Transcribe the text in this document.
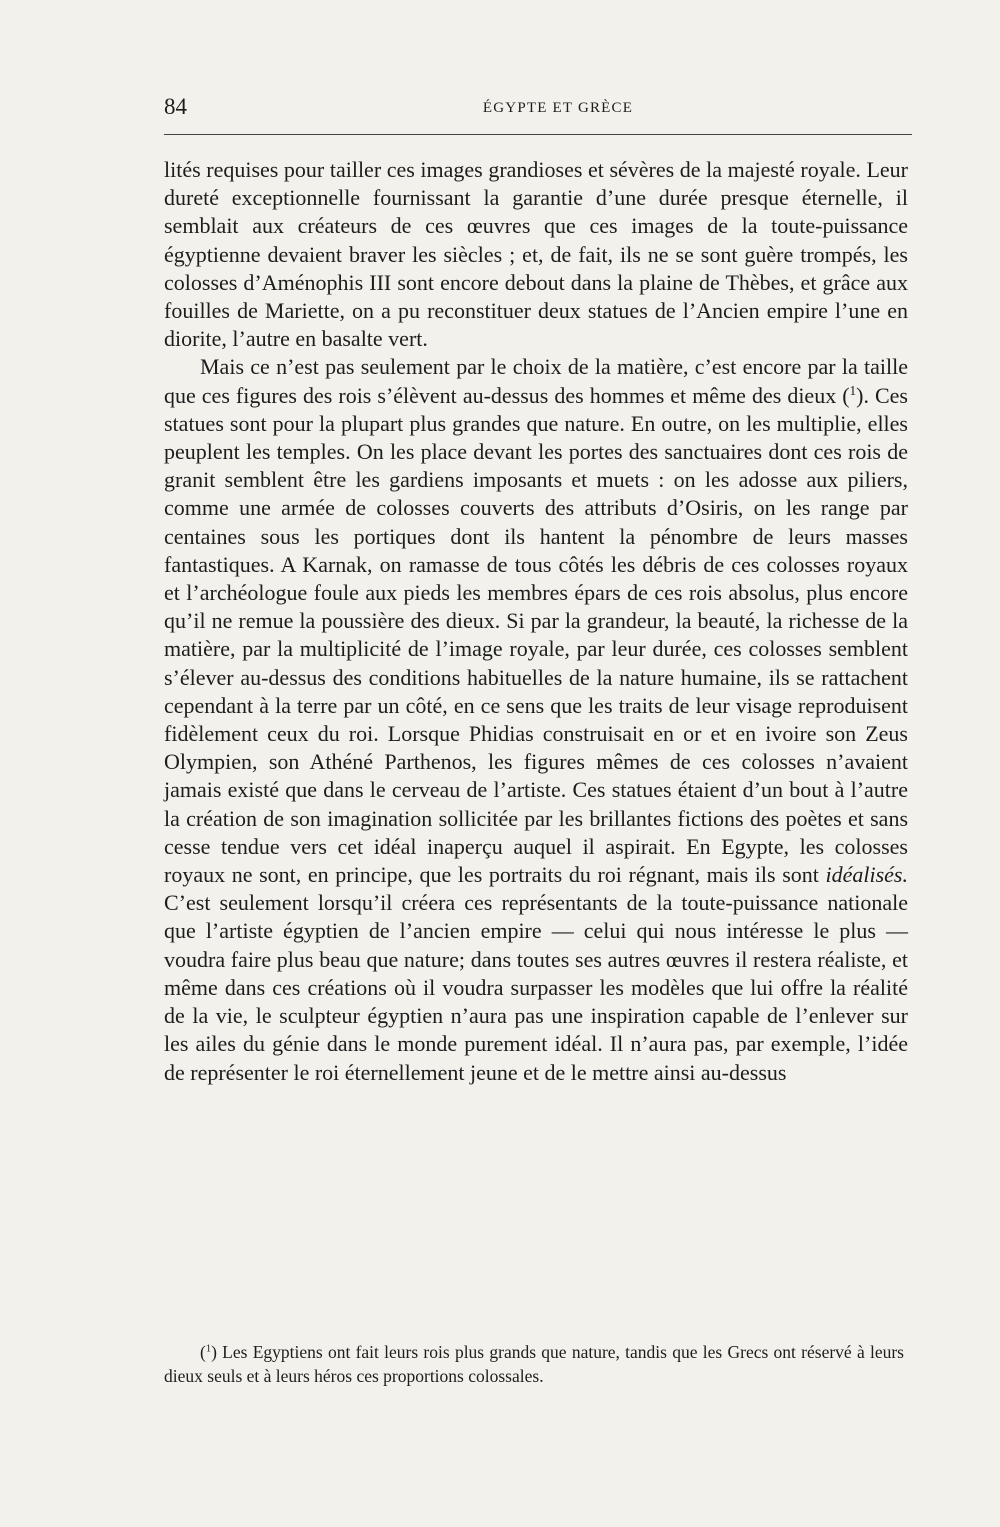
84	ÉGYPTE ET GRÈCE

lités requises pour tailler ces images grandioses et sévères de la majesté royale. Leur dureté exceptionnelle fournissant la garantie d’une durée presque éternelle, il semblait aux créateurs de ces œuvres que ces images de la toute-puissance égyptienne devaient braver les siècles ; et, de fait, ils ne se sont guère trompés, les colosses d’Aménophis III sont encore debout dans la plaine de Thèbes, et grâce aux fouilles de Mariette, on a pu reconstituer deux statues de l’Ancien empire l’une en diorite, l’autre en basalte vert.

Mais ce n’est pas seulement par le choix de la matière, c’est encore par la taille que ces figures des rois s’élèvent au-dessus des hommes et même des dieux ($^1$). Ces statues sont pour la plupart plus grandes que nature. En outre, on les multiplie, elles peuplent les temples. On les place devant les portes des sanctuaires dont ces rois de granit semblent être les gardiens imposants et muets : on les adosse aux piliers, comme une armée de colosses couverts des attributs d’Osiris, on les range par centaines sous les portiques dont ils hantent la pénombre de leurs masses fantastiques. A Karnak, on ramasse de tous côtés les débris de ces colosses royaux et l’archéologue foule aux pieds les membres épars de ces rois absolus, plus encore qu’il ne remue la poussière des dieux. Si par la grandeur, la beauté, la richesse de la matière, par la multiplicité de l’image royale, par leur durée, ces colosses semblent s’élever au-dessus des conditions habituelles de la nature humaine, ils se rattachent cependant à la terre par un côté, en ce sens que les traits de leur visage reproduisent fidèlement ceux du roi. Lorsque Phidias construisait en or et en ivoire son Zeus Olympien, son Athéné Parthenos, les figures mêmes de ces colosses n’avaient jamais existé que dans le cerveau de l’artiste. Ces statues étaient d’un bout à l’autre la création de son imagination sollicitée par les brillantes fictions des poètes et sans cesse tendue vers cet idéal inaperçu auquel il aspirait. En Egypte, les colosses royaux ne sont, en principe, que les portraits du roi régnant, mais ils sont idéalisés. C’est seulement lorsqu’il créera ces représentants de la toute-puissance nationale que l’artiste égyptien de l’ancien empire — celui qui nous intéresse le plus — voudra faire plus beau que nature; dans toutes ses autres œuvres il restera réaliste, et même dans ces créations où il voudra surpasser les modèles que lui offre la réalité de la vie, le sculpteur égyptien n’aura pas une inspiration capable de l’enlever sur les ailes du génie dans le monde purement idéal. Il n’aura pas, par exemple, l’idée de représenter le roi éternellement jeune et de le mettre ainsi au-dessus

($^1$) Les Egyptiens ont fait leurs rois plus grands que nature, tandis que les Grecs ont réservé à leurs dieux seuls et à leurs héros ces proportions colossales.
